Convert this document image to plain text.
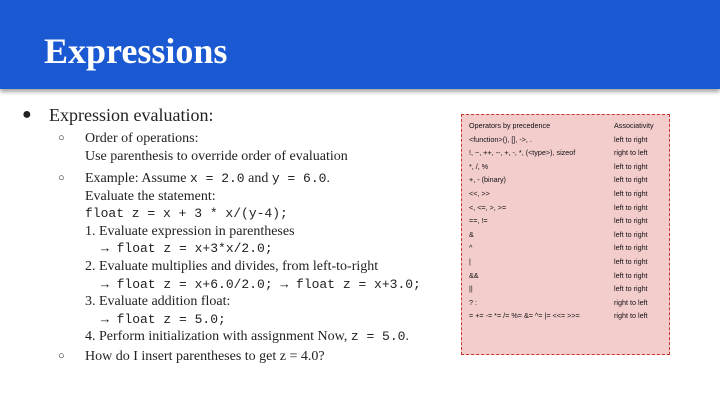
Expressions
● Expression evaluation:
○ Order of operations:
Use parenthesis to override order of evaluation
○ Example: Assume x = 2.0 and y = 6.0.
Evaluate the statement:
float z = x + 3 * x/(y-4);
1. Evaluate expression in parentheses
→ float z = x+3*x/2.0;
2. Evaluate multiplies and divides, from left-to-right
→ float z = x+6.0/2.0; → float z = x+3.0;
3. Evaluate addition float:
→ float z = 5.0;
4. Perform initialization with assignment Now, z = 5.0.
○ How do I insert parentheses to get z = 4.0?
Operators by precedence	Associativity
<function>(), [], ->, .	left to right
!, ~, ++, --, +, -, *, (<type>), sizeof	right to left
*, /, %	left to right
+, - (binary)	left to right
<<, >>	left to right
<, <=, >, >=	left to right
==, !=	left to right
&	left to right
^	left to right
|	left to right
&&	left to right
||	left to right
? :	right to left
= += -= *= /= %= &= ^= |= <<= >>=	right to left
